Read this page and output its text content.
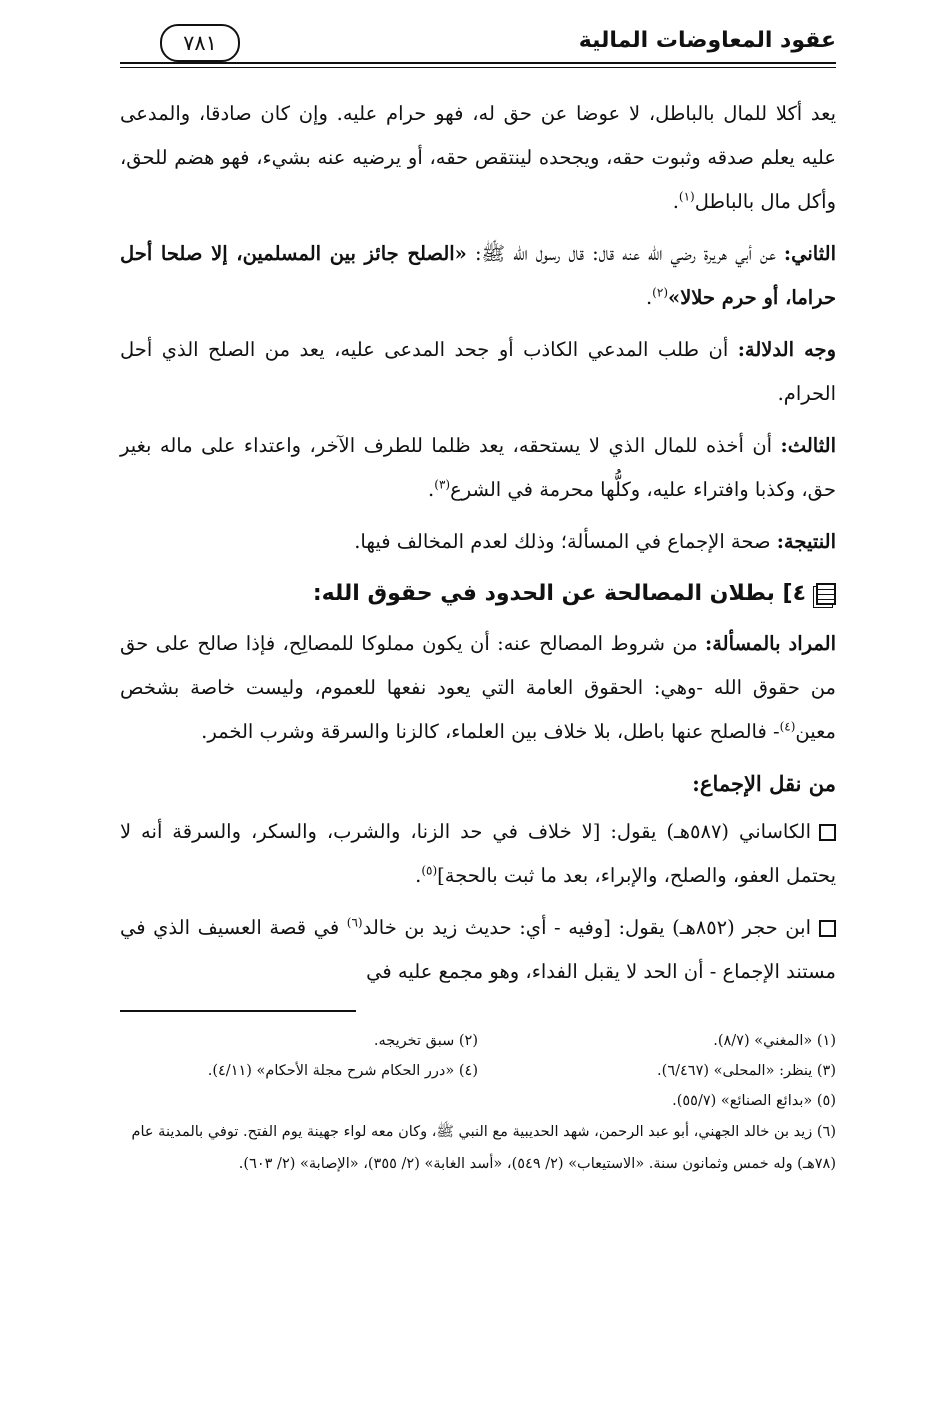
عقود المعاوضات المالية
٧٨١

يعد أكلا للمال بالباطل، لا عوضا عن حق له، فهو حرام عليه. وإن كان صادقا، والمدعى عليه يعلم صدقه وثبوت حقه، ويجحده لينتقص حقه، أو يرضيه عنه بشيء، فهو هضم للحق، وأكل مال بالباطل$^{(١)}$.

الثاني: عن أبي هريرة رضي الله عنه قال: قال رسول الله ﷺ: «الصلح جائز بين المسلمين، إلا صلحا أحل حراما، أو حرم حلالا»$^{(٢)}$.

وجه الدلالة: أن طلب المدعي الكاذب أو جحد المدعى عليه، يعد من الصلح الذي أحل الحرام.

الثالث: أن أخذه للمال الذي لا يستحقه، يعد ظلما للطرف الآخر، واعتداء على ماله بغير حق، وكذبا وافتراء عليه، وكلُّها محرمة في الشرع$^{(٣)}$.

النتيجة: صحة الإجماع في المسألة؛ وذلك لعدم المخالف فيها.

٤] بطلان المصالحة عن الحدود في حقوق الله:

المراد بالمسألة: من شروط المصالح عنه: أن يكون مملوكا للمصالِح، فإذا صالح على حق من حقوق الله -وهي: الحقوق العامة التي يعود نفعها للعموم، وليست خاصة بشخص معين$^{(٤)}$- فالصلح عنها باطل، بلا خلاف بين العلماء، كالزنا والسرقة وشرب الخمر.

من نقل الإجماع:

الكاساني (٥٨٧هـ) يقول: [لا خلاف في حد الزنا، والشرب، والسكر، والسرقة أنه لا يحتمل العفو، والصلح، والإبراء، بعد ما ثبت بالحجة]$^{(٥)}$.

ابن حجر (٨٥٢هـ) يقول: [وفيه - أي: حديث زيد بن خالد$^{(٦)}$ في قصة العسيف الذي في مستند الإجماع - أن الحد لا يقبل الفداء، وهو مجمع عليه في

(١) «المغني» (٨/٧).
(٢) سبق تخريجه.
(٣) ينظر: «المحلى» (٦/٤٦٧).
(٤) «درر الحكام شرح مجلة الأحكام» (٤/١١).
(٥) «بدائع الصنائع» (٥٥/٧).
(٦) زيد بن خالد الجهني، أبو عبد الرحمن، شهد الحديبية مع النبي ﷺ، وكان معه لواء جهينة يوم الفتح. توفي بالمدينة عام (٧٨هـ) وله خمس وثمانون سنة. «الاستيعاب» (٢/ ٥٤٩)، «أسد الغابة» (٢/ ٣٥٥)، «الإصابة» (٢/ ٦٠٣).
